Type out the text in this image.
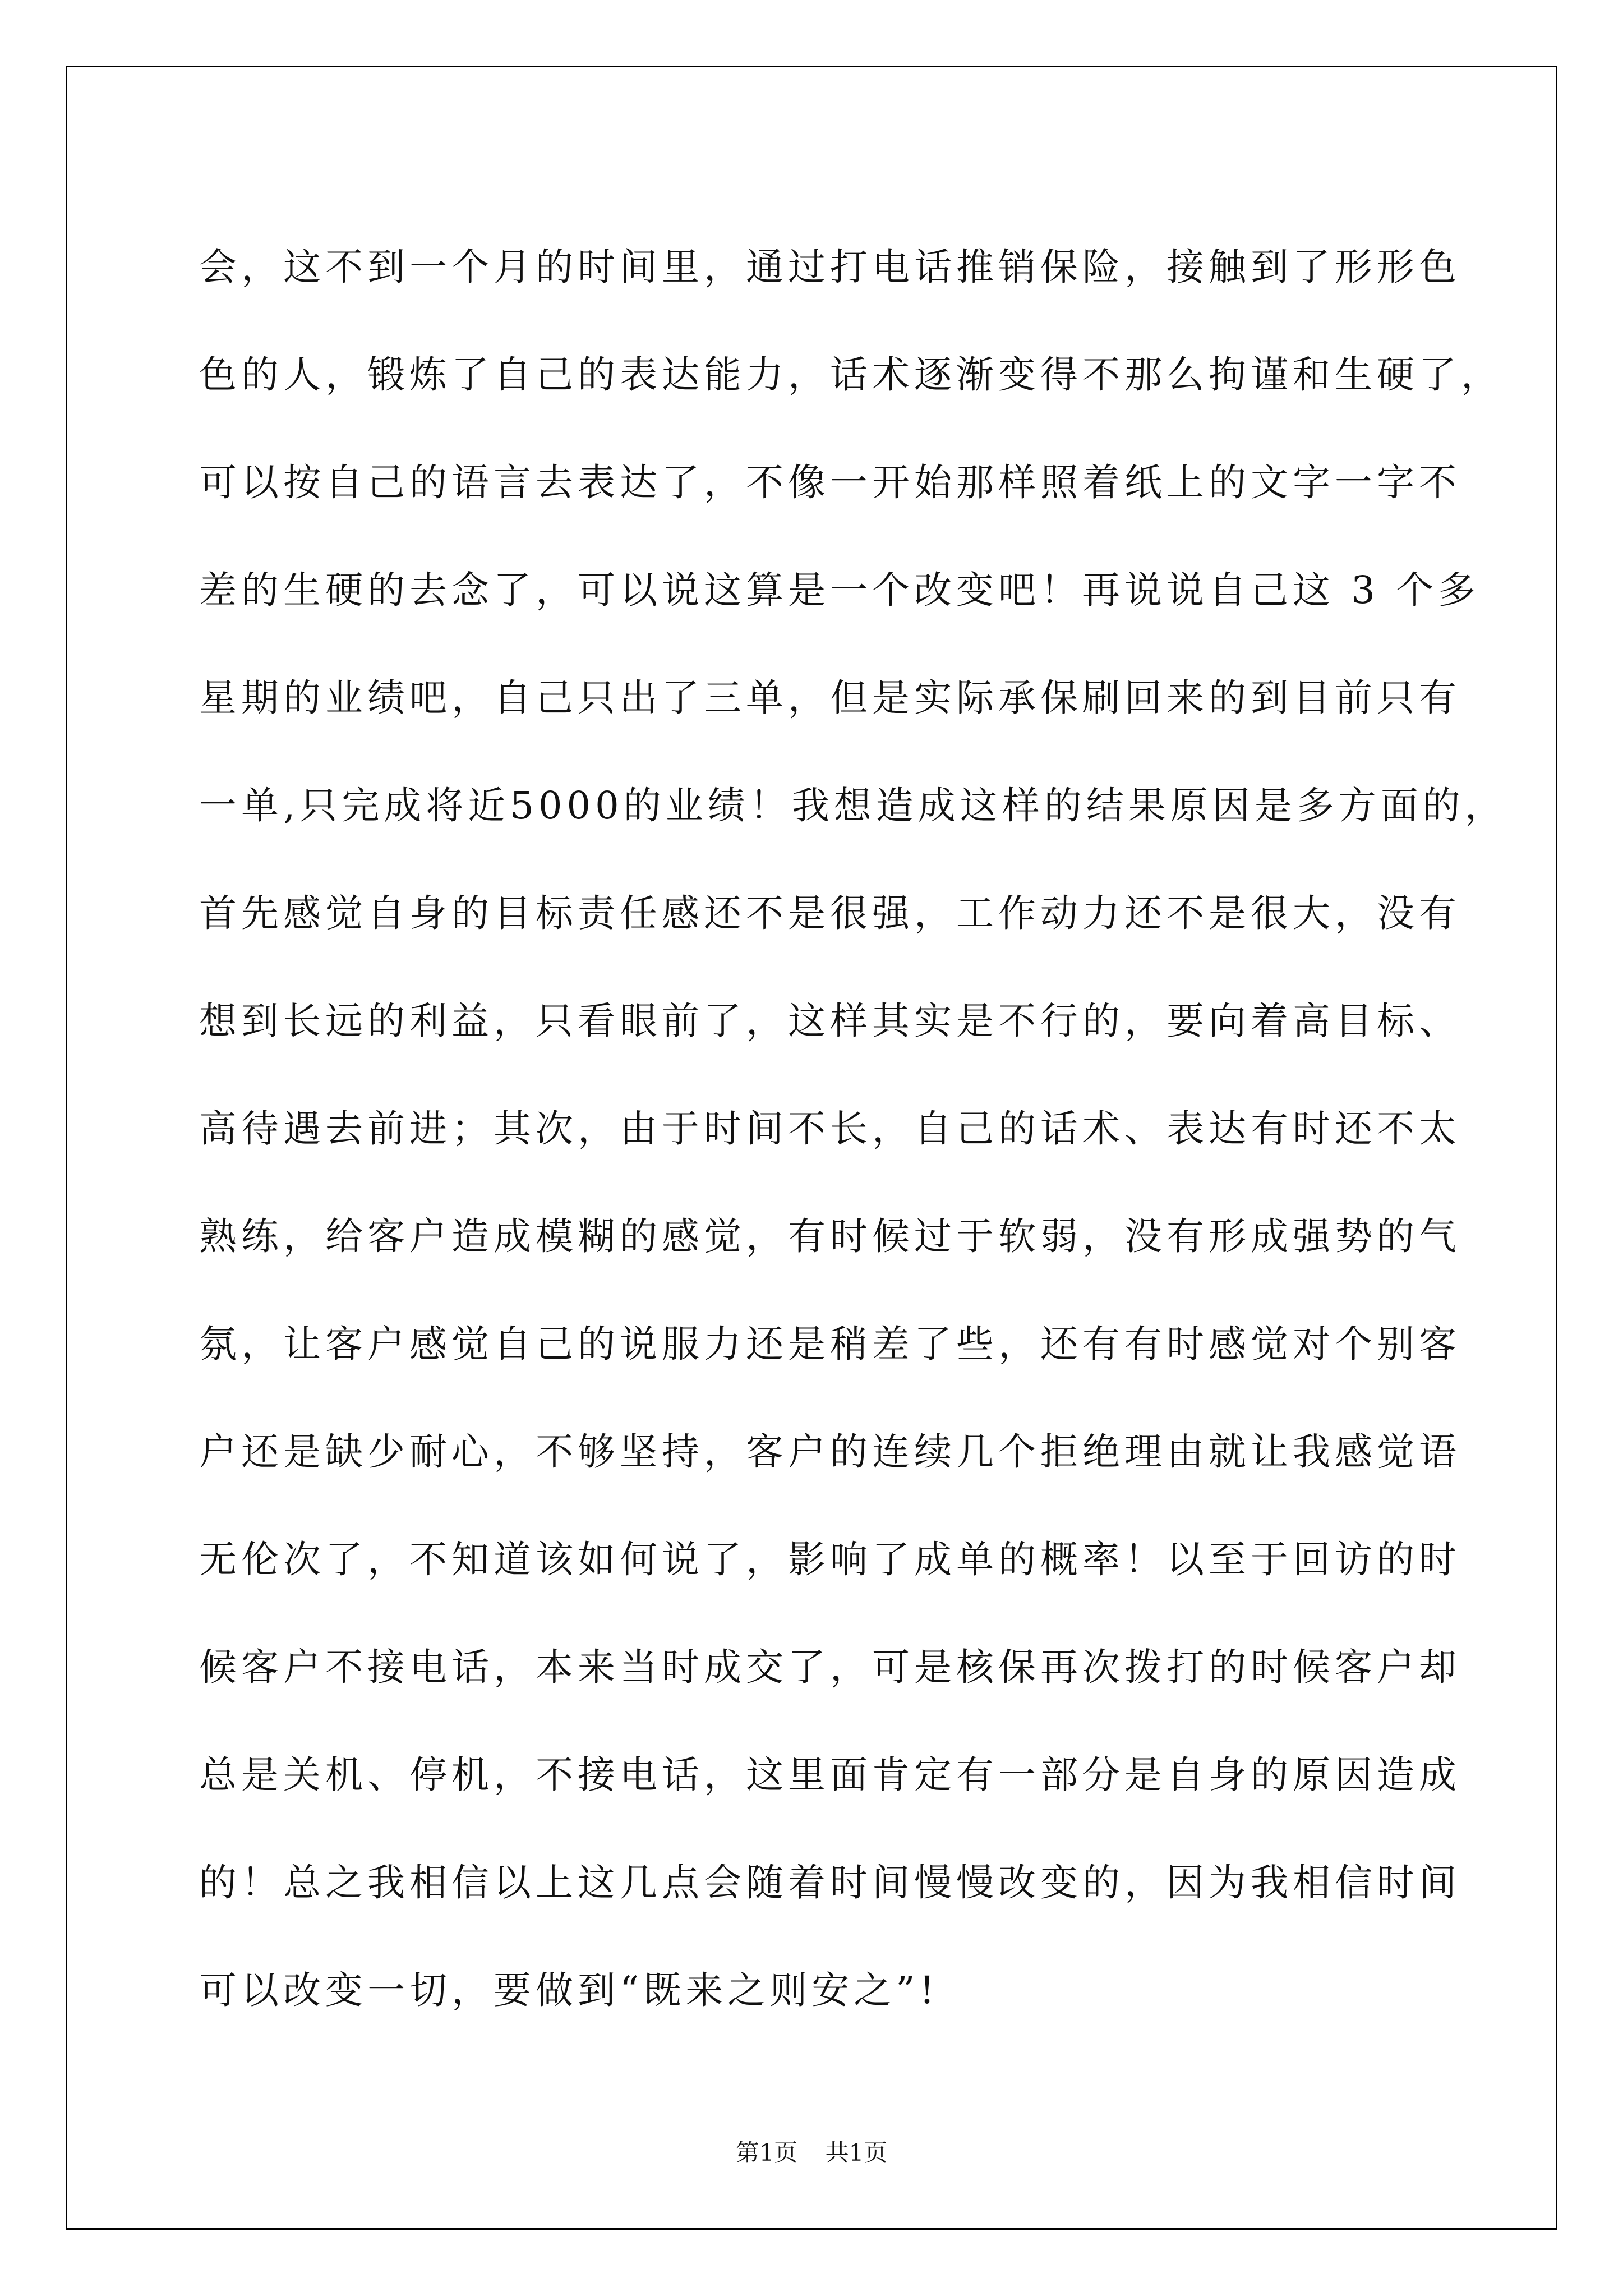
会，这不到一个月的时间里，通过打电话推销保险，接触到了形形色
色的人，锻炼了自己的表达能力，话术逐渐变得不那么拘谨和生硬了，
可以按自己的语言去表达了，不像一开始那样照着纸上的文字一字不
差的生硬的去念了，可以说这算是一个改变吧！再说说自己这 3 个多
星期的业绩吧，自己只出了三单，但是实际承保刷回来的到目前只有
一单,只完成将近5000的业绩！我想造成这样的结果原因是多方面的，
首先感觉自身的目标责任感还不是很强，工作动力还不是很大，没有
想到长远的利益，只看眼前了，这样其实是不行的，要向着高目标、
高待遇去前进；其次，由于时间不长，自己的话术、表达有时还不太
熟练，给客户造成模糊的感觉，有时候过于软弱，没有形成强势的气
氛，让客户感觉自己的说服力还是稍差了些，还有有时感觉对个别客
户还是缺少耐心，不够坚持，客户的连续几个拒绝理由就让我感觉语
无伦次了，不知道该如何说了，影响了成单的概率！以至于回访的时
候客户不接电话，本来当时成交了，可是核保再次拨打的时候客户却
总是关机、停机，不接电话，这里面肯定有一部分是自身的原因造成
的！总之我相信以上这几点会随着时间慢慢改变的，因为我相信时间
可以改变一切，要做到“既来之则安之”!
第1页 共1页
